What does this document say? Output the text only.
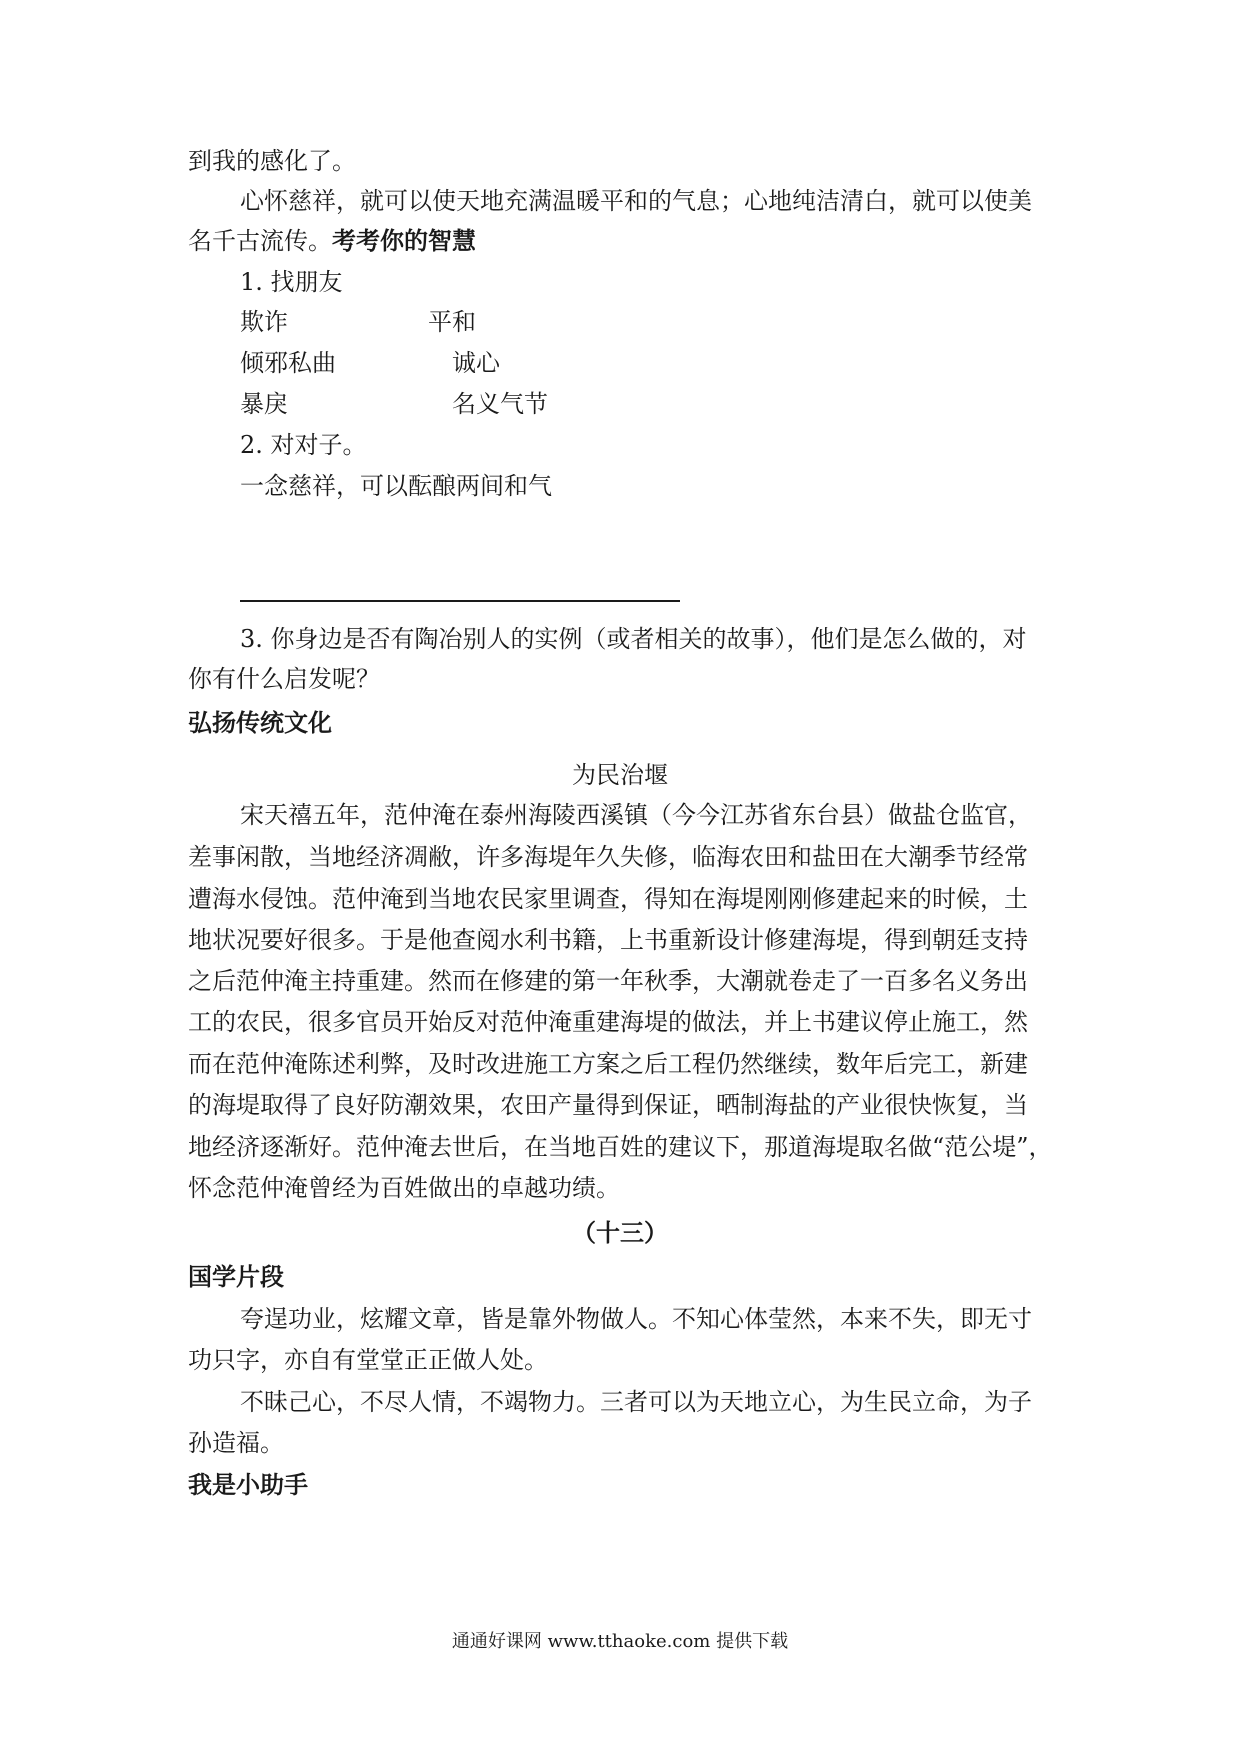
到我的感化了。
心怀慈祥，就可以使天地充满温暖平和的气息；心地纯洁清白，就可以使美
名千古流传。考考你的智慧
1. 找朋友
欺诈	平和
倾邪私曲	诚心
暴戾	名义气节
2. 对对子。
一念慈祥，可以酝酿两间和气
3. 你身边是否有陶冶别人的实例（或者相关的故事），他们是怎么做的，对
你有什么启发呢？
弘扬传统文化
为民治堰
宋天禧五年，范仲淹在泰州海陵西溪镇（今今江苏省东台县）做盐仓监官，
差事闲散，当地经济凋敝，许多海堤年久失修，临海农田和盐田在大潮季节经常
遭海水侵蚀。范仲淹到当地农民家里调查，得知在海堤刚刚修建起来的时候，土
地状况要好很多。于是他查阅水利书籍，上书重新设计修建海堤，得到朝廷支持
之后范仲淹主持重建。然而在修建的第一年秋季，大潮就卷走了一百多名义务出
工的农民，很多官员开始反对范仲淹重建海堤的做法，并上书建议停止施工，然
而在范仲淹陈述利弊，及时改进施工方案之后工程仍然继续，数年后完工，新建
的海堤取得了良好防潮效果，农田产量得到保证，晒制海盐的产业很快恢复，当
地经济逐渐好。范仲淹去世后，在当地百姓的建议下，那道海堤取名做“范公堤”，
怀念范仲淹曾经为百姓做出的卓越功绩。
（十三）
国学片段
夸逞功业，炫耀文章，皆是靠外物做人。不知心体莹然，本来不失，即无寸
功只字，亦自有堂堂正正做人处。
不昧己心，不尽人情，不竭物力。三者可以为天地立心，为生民立命，为子
孙造福。
我是小助手
通通好课网 www.tthaoke.com 提供下载
